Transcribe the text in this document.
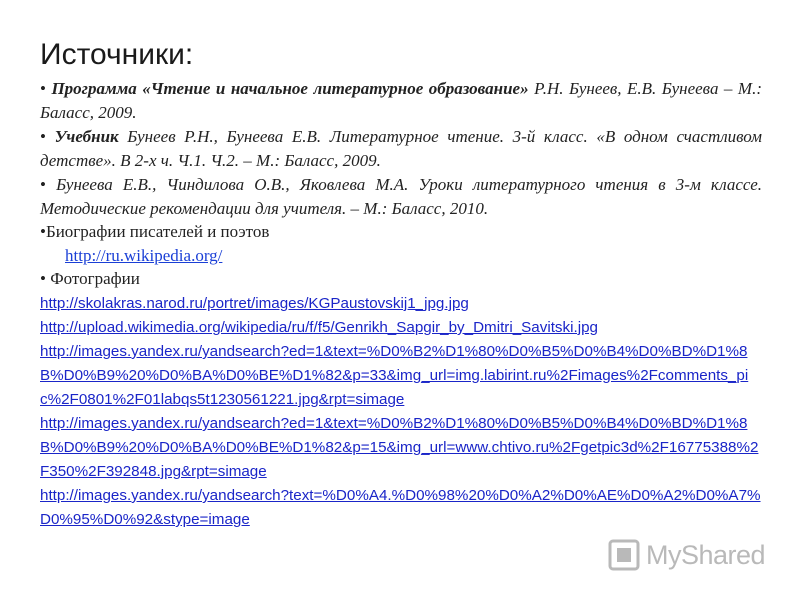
Источники:
• Программа «Чтение и начальное литературное образование» Р.Н. Бунеев, Е.В. Бунеева – М.: Баласс, 2009.
• Учебник Бунеев Р.Н., Бунеева Е.В. Литературное чтение. 3-й класс. «В одном счастливом детстве». В 2-х ч. Ч.1. Ч.2. – М.: Баласс, 2009.
• Бунеева Е.В., Чиндилова О.В., Яковлева М.А. Уроки литературного чтения в 3-м классе. Методические рекомендации для учителя. – М.: Баласс, 2010.
•Биографии писателей и поэтов
http://ru.wikipedia.org/
• Фотографии
http://skolakras.narod.ru/portret/images/KGPaustovskij1_jpg.jpg
http://upload.wikimedia.org/wikipedia/ru/f/f5/Genrikh_Sapgir_by_Dmitri_Savitski.jpg
http://images.yandex.ru/yandsearch?ed=1&text=%D0%B2%D1%80%D0%B5%D0%B4%D0%BD%D1%8B%D0%B9%20%D0%BA%D0%BE%D1%82&p=33&img_url=img.labirint.ru%2Fimages%2Fcomments_pic%2F0801%2F01labqs5t1230561221.jpg&rpt=simage
http://images.yandex.ru/yandsearch?ed=1&text=%D0%B2%D1%80%D0%B5%D0%B4%D0%BD%D1%8B%D0%B9%20%D0%BA%D0%BE%D1%82&p=15&img_url=www.chtivo.ru%2Fgetpic3d%2F16775388%2F350%2F392848.jpg&rpt=simage
http://images.yandex.ru/yandsearch?text=%D0%A4.%D0%98%20%D0%A2%D0%AE%D0%A2%D0%A7%D0%95%D0%92&stype=image
MyShared
